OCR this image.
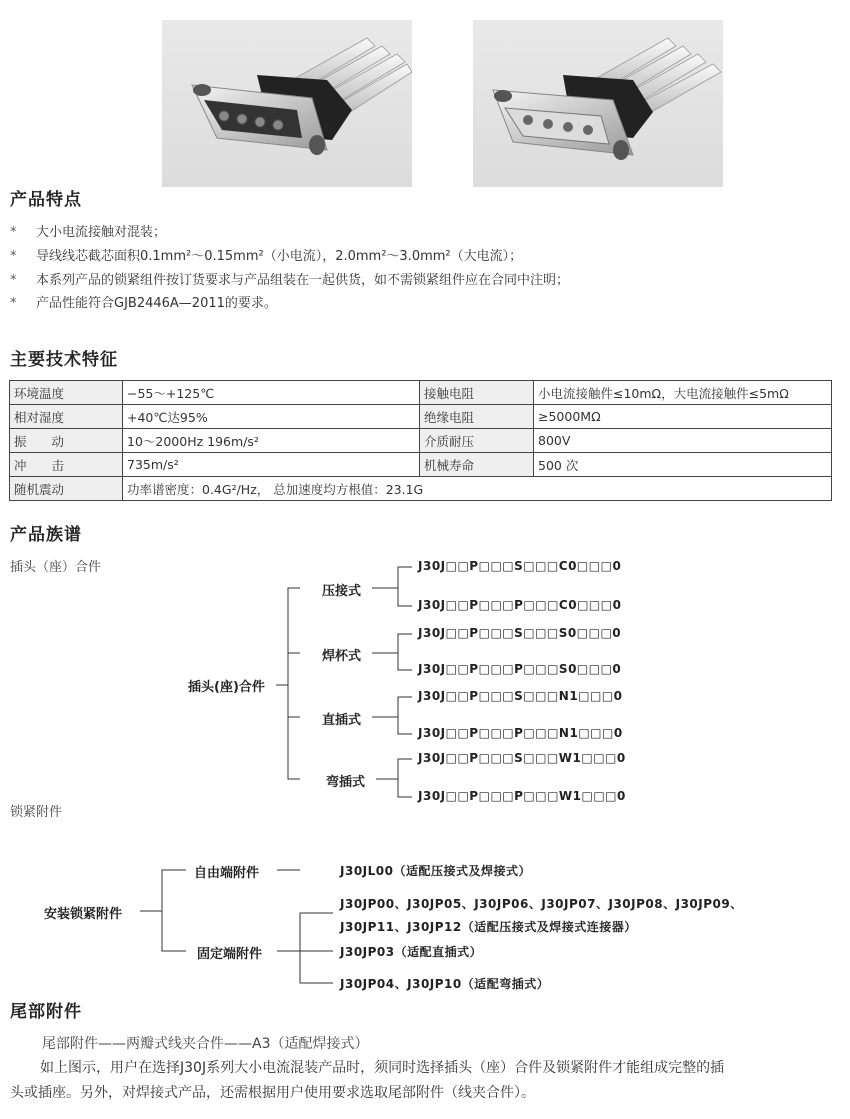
产品特点
* 大小电流接触对混装；
* 导线线芯截芯面积0.1mm²～0.15mm²（小电流），2.0mm²～3.0mm²（大电流）；
* 本系列产品的锁紧组件按订货要求与产品组装在一起供货，如不需锁紧组件应在合同中注明；
* 产品性能符合GJB2446A—2011的要求。
主要技术特征
环境温度	−55～+125℃	接触电阻	小电流接触件≤10mΩ，大电流接触件≤5mΩ
相对湿度	+40℃达95%	绝缘电阻	≥5000MΩ
振　　动	10～2000Hz 196m/s²	介质耐压	800V
冲　　击	735m/s²	机械寿命	500 次
随机震动	功率谱密度：0.4G²/Hz， 总加速度均方根值：23.1G		
产品族谱
插头（座）合件
插头(座)合件
压接式
焊杯式
直插式
弯插式
J30J□□P□□□S□□□C0□□□0
J30J□□P□□□P□□□C0□□□0
J30J□□P□□□S□□□S0□□□0
J30J□□P□□□P□□□S0□□□0
J30J□□P□□□S□□□N1□□□0
J30J□□P□□□P□□□N1□□□0
J30J□□P□□□S□□□W1□□□0
J30J□□P□□□P□□□W1□□□0
锁紧附件
安装锁紧附件
自由端附件
固定端附件
J30JL00（适配压接式及焊接式）
J30JP00、J30JP05、J30JP06、J30JP07、J30JP08、J30JP09、
J30JP11、J30JP12（适配压接式及焊接式连接器）
J30JP03（适配直插式）
J30JP04、J30JP10（适配弯插式）
尾部附件
尾部附件——两瓣式线夹合件——A3（适配焊接式）
如上图示，用户在选择J30J系列大小电流混装产品时，须同时选择插头（座）合件及锁紧附件才能组成完整的插
头或插座。另外，对焊接式产品，还需根据用户使用要求选取尾部附件（线夹合件）。
